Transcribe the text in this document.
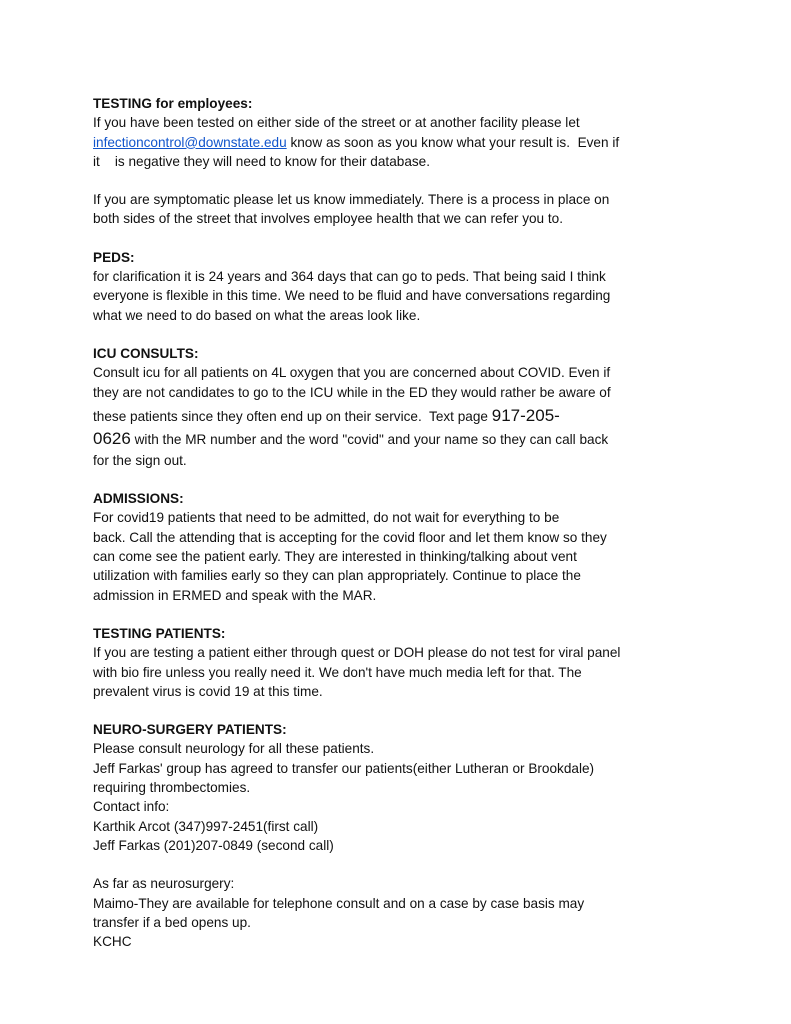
TESTING for employees:
If you have been tested on either side of the street or at another facility please let
infectioncontrol@downstate.edu know as soon as you know what your result is.  Even if
it    is negative they will need to know for their database.
If you are symptomatic please let us know immediately. There is a process in place on
both sides of the street that involves employee health that we can refer you to.
PEDS:
for clarification it is 24 years and 364 days that can go to peds. That being said I think
everyone is flexible in this time. We need to be fluid and have conversations regarding
what we need to do based on what the areas look like.
ICU CONSULTS:
Consult icu for all patients on 4L oxygen that you are concerned about COVID. Even if
they are not candidates to go to the ICU while in the ED they would rather be aware of
these patients since they often end up on their service.  Text page 917-205-
0626 with the MR number and the word "covid" and your name so they can call back
for the sign out.
ADMISSIONS:
For covid19 patients that need to be admitted, do not wait for everything to be
back. Call the attending that is accepting for the covid floor and let them know so they
can come see the patient early. They are interested in thinking/talking about vent
utilization with families early so they can plan appropriately. Continue to place the
admission in ERMED and speak with the MAR.
TESTING PATIENTS:
If you are testing a patient either through quest or DOH please do not test for viral panel
with bio fire unless you really need it. We don't have much media left for that. The
prevalent virus is covid 19 at this time.
NEURO-SURGERY PATIENTS:
Please consult neurology for all these patients.
Jeff Farkas' group has agreed to transfer our patients(either Lutheran or Brookdale)
requiring thrombectomies.
Contact info:
Karthik Arcot (347)997-2451(first call)
Jeff Farkas (201)207-0849 (second call)
As far as neurosurgery:
Maimo-They are available for telephone consult and on a case by case basis may
transfer if a bed opens up.
KCHC
